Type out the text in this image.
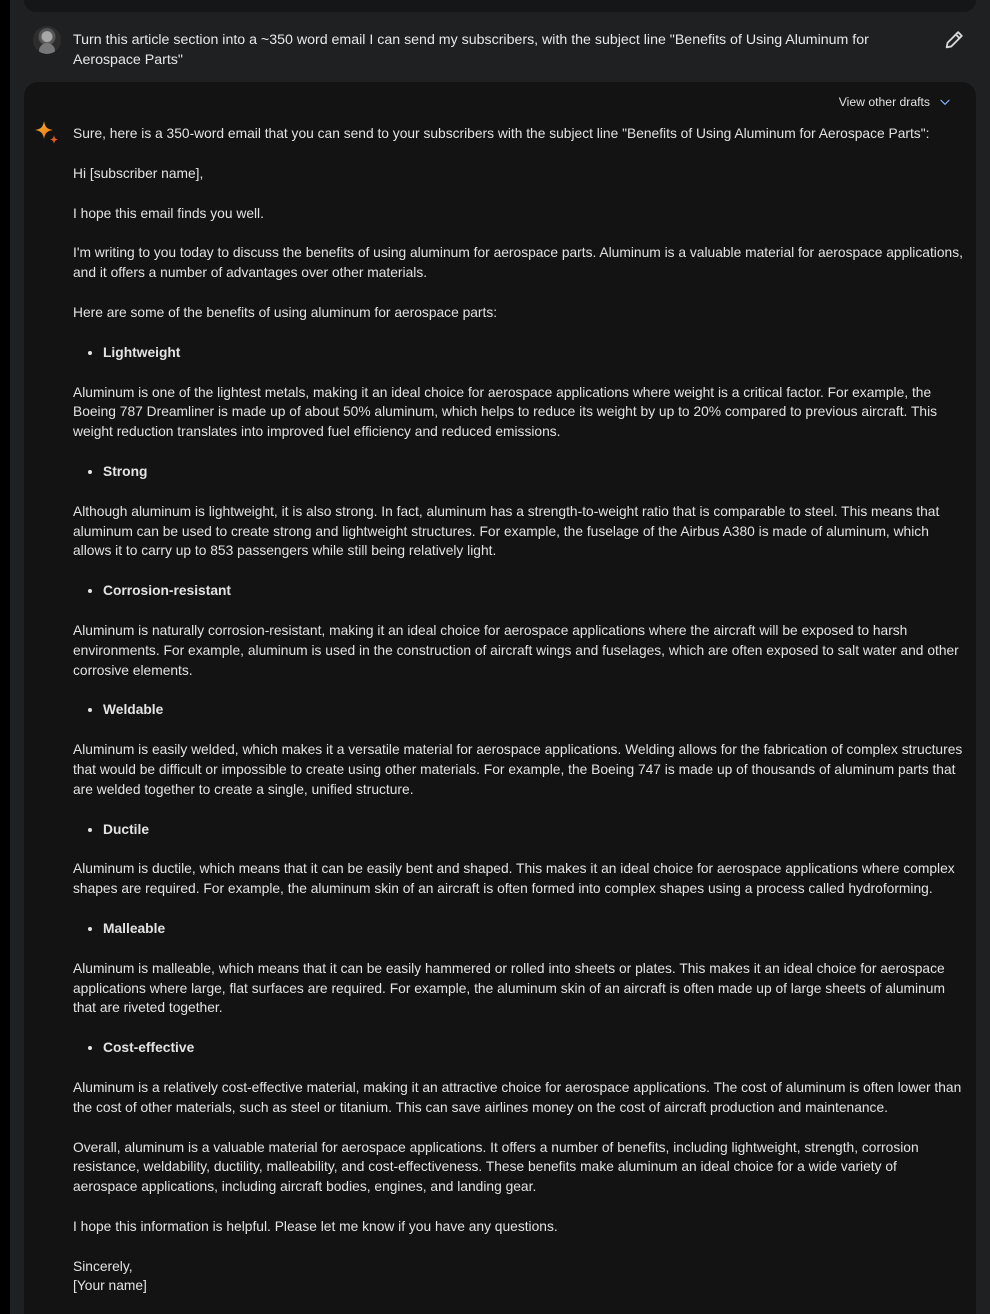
Turn this article section into a ~350 word email I can send my subscribers, with the subject line "Benefits of Using Aluminum for Aerospace Parts"
View other drafts

Sure, here is a 350-word email that you can send to your subscribers with the subject line "Benefits of Using Aluminum for Aerospace Parts":

Hi [subscriber name],

I hope this email finds you well.

I'm writing to you today to discuss the benefits of using aluminum for aerospace parts. Aluminum is a valuable material for aerospace applications, and it offers a number of advantages over other materials.

Here are some of the benefits of using aluminum for aerospace parts:

• Lightweight

Aluminum is one of the lightest metals, making it an ideal choice for aerospace applications where weight is a critical factor. For example, the Boeing 787 Dreamliner is made up of about 50% aluminum, which helps to reduce its weight by up to 20% compared to previous aircraft. This weight reduction translates into improved fuel efficiency and reduced emissions.

• Strong

Although aluminum is lightweight, it is also strong. In fact, aluminum has a strength-to-weight ratio that is comparable to steel. This means that aluminum can be used to create strong and lightweight structures. For example, the fuselage of the Airbus A380 is made of aluminum, which allows it to carry up to 853 passengers while still being relatively light.

• Corrosion-resistant

Aluminum is naturally corrosion-resistant, making it an ideal choice for aerospace applications where the aircraft will be exposed to harsh environments. For example, aluminum is used in the construction of aircraft wings and fuselages, which are often exposed to salt water and other corrosive elements.

• Weldable

Aluminum is easily welded, which makes it a versatile material for aerospace applications. Welding allows for the fabrication of complex structures that would be difficult or impossible to create using other materials. For example, the Boeing 747 is made up of thousands of aluminum parts that are welded together to create a single, unified structure.

• Ductile

Aluminum is ductile, which means that it can be easily bent and shaped. This makes it an ideal choice for aerospace applications where complex shapes are required. For example, the aluminum skin of an aircraft is often formed into complex shapes using a process called hydroforming.

• Malleable

Aluminum is malleable, which means that it can be easily hammered or rolled into sheets or plates. This makes it an ideal choice for aerospace applications where large, flat surfaces are required. For example, the aluminum skin of an aircraft is often made up of large sheets of aluminum that are riveted together.

• Cost-effective

Aluminum is a relatively cost-effective material, making it an attractive choice for aerospace applications. The cost of aluminum is often lower than the cost of other materials, such as steel or titanium. This can save airlines money on the cost of aircraft production and maintenance.

Overall, aluminum is a valuable material for aerospace applications. It offers a number of benefits, including lightweight, strength, corrosion resistance, weldability, ductility, malleability, and cost-effectiveness. These benefits make aluminum an ideal choice for a wide variety of aerospace applications, including aircraft bodies, engines, and landing gear.

I hope this information is helpful. Please let me know if you have any questions.

Sincerely,

[Your name]
